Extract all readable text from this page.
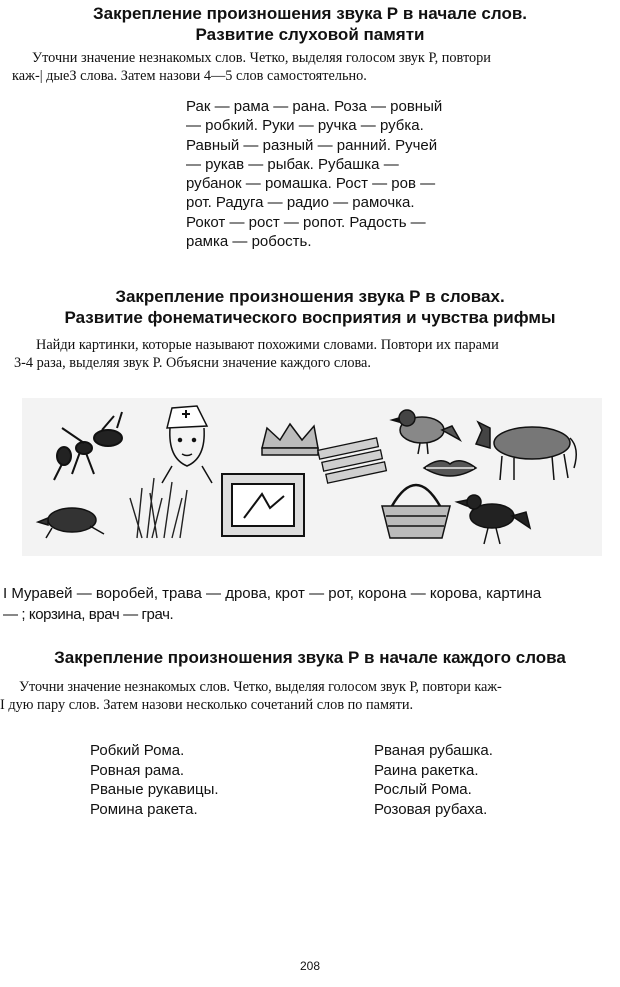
Закрепление произношения звука Р в начале слов.
Развитие слуховой памяти
Уточни значение незнакомых слов. Четко, выделяя голосом звук Р, повтори
каж-| дыеЗ слова. Затем назови 4—5 слов самостоятельно.
Рак — рама — рана. Роза — ровный
— робкий. Руки — ручка — рубка.
Равный — разный — ранний. Ручей
— рукав — рыбак. Рубашка —
рубанок — ромашка. Рост — ров —
рот. Радуга — радио — рамочка.
Рокот — рост — ропот. Радость —
рамка — робость.
Закрепление произношения звука Р в словах.
Развитие фонематического восприятия и чувства рифмы
Найди картинки, которые называют похожими словами. Повтори их парами
3-4 раза, выделяя звук Р. Объясни значение каждого слова.
I Муравей — воробей, трава — дрова, крот — рот, корона — корова, картина
— ; корзина, врач — грач.
Закрепление произношения звука Р в начале каждого слова
Уточни значение незнакомых слов. Четко, выделяя голосом звук Р, повтори каж-
I дую пару слов. Затем назови несколько сочетаний слов по памяти.
Робкий Рома.
Ровная рама.
Рваные рукавицы.
Ромина ракета.
Рваная рубашка.
Раина ракетка.
Рослый Рома.
Розовая рубаха.
208
